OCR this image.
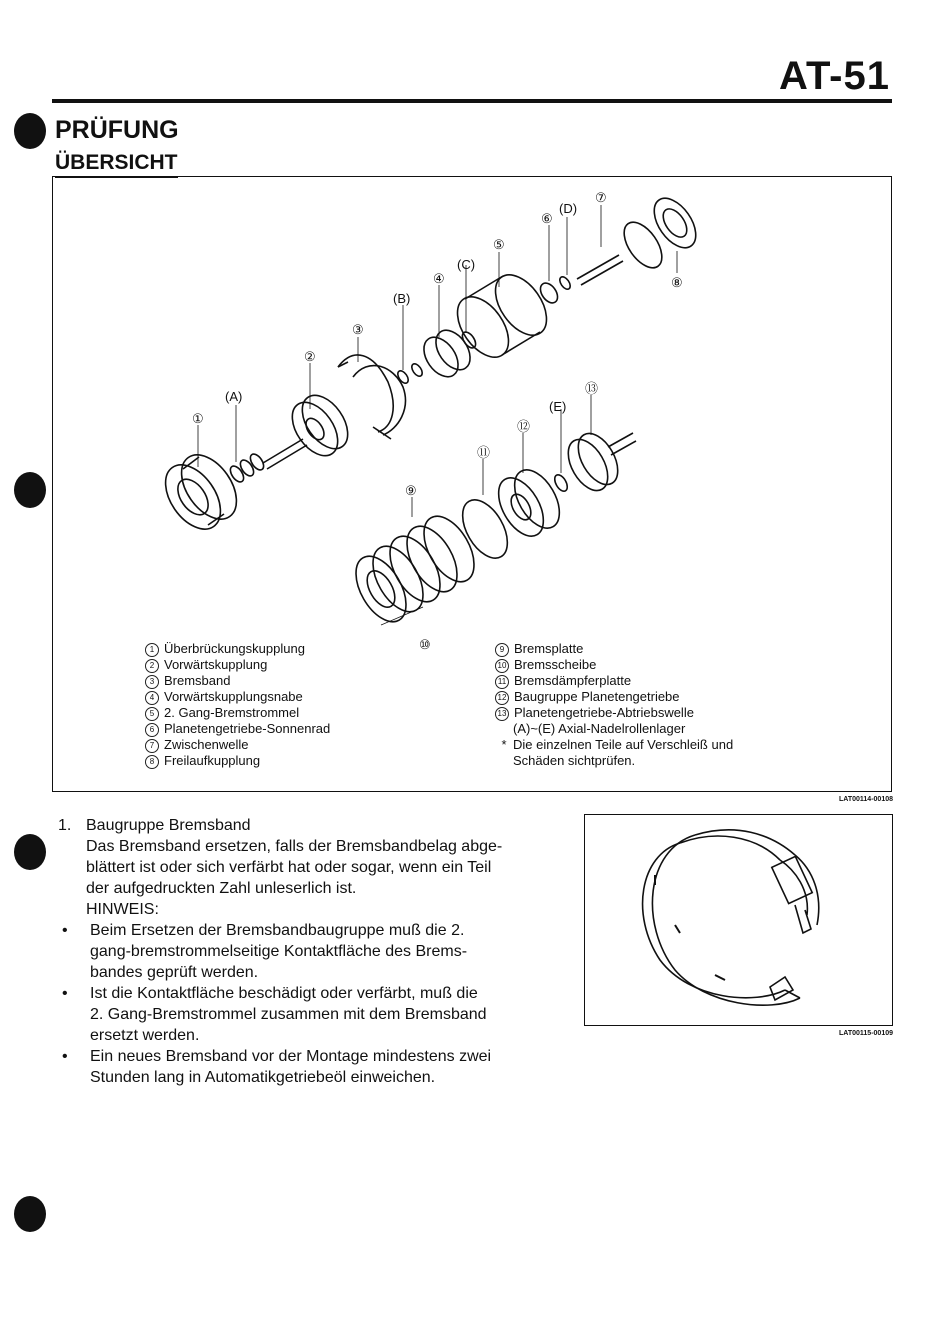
AT-51
PRÜFUNG
ÜBERSICHT
①
(A)
②
③
(B)
④
(C)
⑤
⑥
(D)
⑦
⑧
⑨
⑩
⑪
⑫
(E)
⑬
1 Überbrückungskupplung
2 Vorwärtskupplung
3 Bremsband
4 Vorwärtskupplungsnabe
5 2. Gang-Bremstrommel
6 Planetengetriebe-Sonnenrad
7 Zwischenwelle
8 Freilaufkupplung
9 Bremsplatte
10 Bremsscheibe
11 Bremsdämpferplatte
12 Baugruppe Planetengetriebe
13 Planetengetriebe-Abtriebswelle
(A)~(E) Axial-Nadelrollenlager
* Die einzelnen Teile auf Verschleiß und
Schäden sichtprüfen.
LAT00114-00108
1. Baugruppe Bremsband
Das Bremsband ersetzen, falls der Bremsbandbelag abge-
blättert ist oder sich verfärbt hat oder sogar, wenn ein Teil
der aufgedruckten Zahl unleserlich ist.
HINWEIS:
• Beim Ersetzen der Bremsbandbaugruppe muß die 2.
gang-bremstrommelseitige Kontaktfläche des Brems-
bandes geprüft werden.
• Ist die Kontaktfläche beschädigt oder verfärbt, muß die
2. Gang-Bremstrommel zusammen mit dem Bremsband
ersetzt werden.
• Ein neues Bremsband vor der Montage mindestens zwei
Stunden lang in Automatikgetriebeöl einweichen.
LAT00115-00109
